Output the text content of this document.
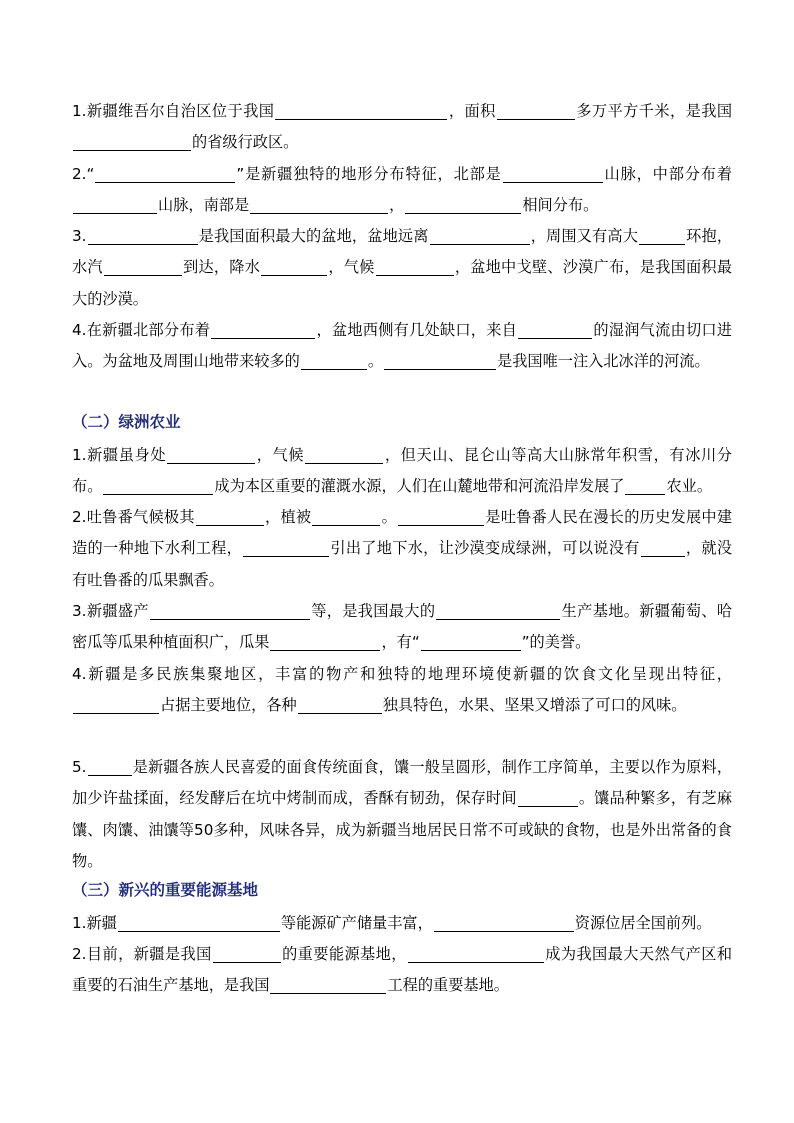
1.新疆维吾尔自治区位于我国	，面积	多万平方千米，是我国的省级行政区。
2.“	”是新疆独特的地形分布特征，北部是	山脉，中部分布着山脉，南部是	，	相间分布。
3.	是我国面积最大的盆地，盆地远离	，周围又有高大	环抱，水汽	到达，降水	，气候	，盆地中戈壁、沙漠广布，是我国面积最大的沙漠。
4.在新疆北部分布着	，盆地西侧有几处缺口，来自	的湿润气流由切口进入。为盆地及周围山地带来较多的	。	是我国唯一注入北冰洋的河流。
（二）绿洲农业
1.新疆虽身处	，气候	，但天山、昆仑山等高大山脉常年积雪，有冰川分布。	成为本区重要的灌溉水源，人们在山麓地带和河流沿岸发展了	农业。
2.吐鲁番气候极其	，植被	。	是吐鲁番人民在漫长的历史发展中建造的一种地下水利工程，	引出了地下水，让沙漠变成绿洲，可以说没有	，就没有吐鲁番的瓜果飘香。
3.新疆盛产	等，是我国最大的	生产基地。新疆葡萄、哈密瓜等瓜果种植面积广，瓜果	，有“	”的美誉。
4.新疆是多民族集聚地区，丰富的物产和独特的地理环境使新疆的饮食文化呈现出特征，占据主要地位，各种	独具特色，水果、坚果又增添了可口的风味。
5.	是新疆各族人民喜爱的面食传统面食，馕一般呈圆形，制作工序简单，主要以作为原料，加少许盐揉面，经发酵后在坑中烤制而成，香酥有韧劲，保存时间	。馕品种繁多，有芝麻馕、肉馕、油馕等50多种，风味各异，成为新疆当地居民日常不可或缺的食物，也是外出常备的食物。
（三）新兴的重要能源基地
1.新疆	等能源矿产储量丰富，	资源位居全国前列。
2.目前，新疆是我国	的重要能源基地，	成为我国最大天然气产区和重要的石油生产基地，是我国	工程的重要基地。
